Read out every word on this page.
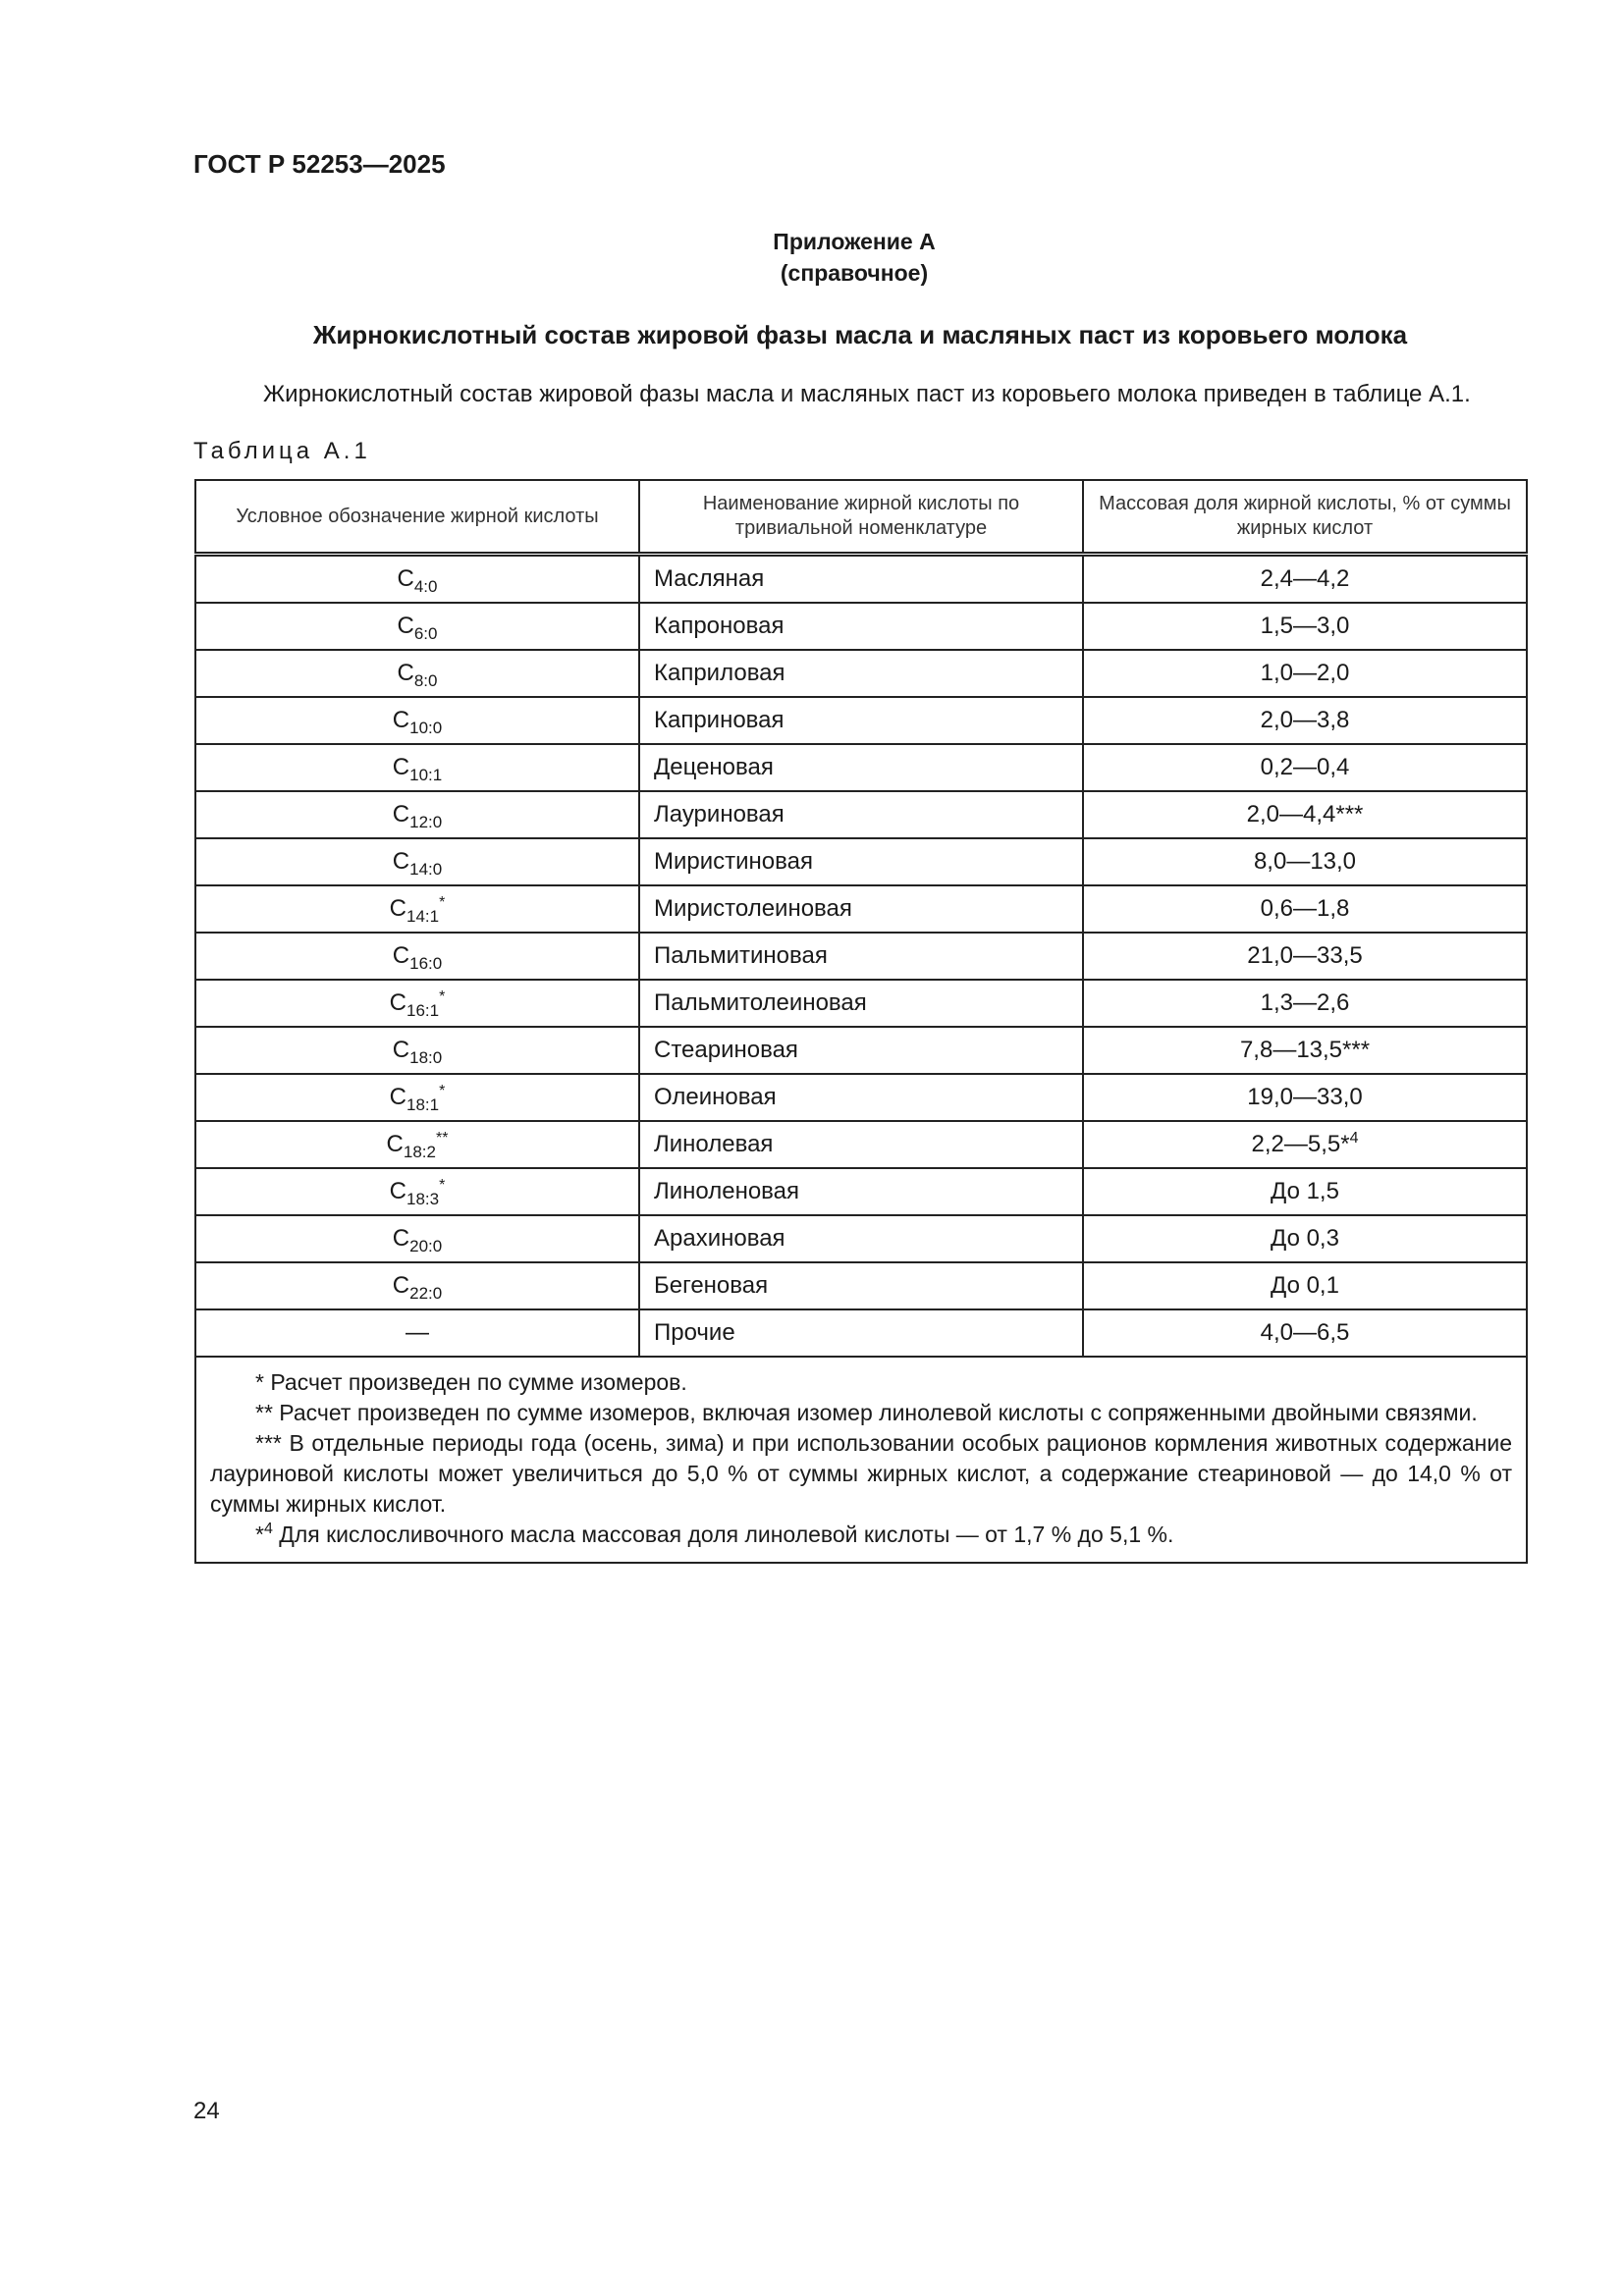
ГОСТ Р 52253—2025

Приложение А
(справочное)
Жирнокислотный состав жировой фазы масла и масляных паст из коровьего молока

Жирнокислотный состав жировой фазы масла и масляных паст из коровьего молока приведен в таблице А.1.

Таблица А.1

Условное обозначение жирной кислоты	Наименование жирной кислоты по тривиальной номенклатуре	Массовая доля жирной кислоты, % от суммы жирных кислот
$C_{4:0}$	Масляная	2,4—4,2
$C_{6:0}$	Капроновая	1,5—3,0
$C_{8:0}$	Каприловая	1,0—2,0
$C_{10:0}$	Каприновая	2,0—3,8
$C_{10:1}$	Деценовая	0,2—0,4
$C_{12:0}$	Лауриновая	2,0—4,4***
$C_{14:0}$	Миристиновая	8,0—13,0
$C_{14:1}^*$	Миристолеиновая	0,6—1,8
$C_{16:0}$	Пальмитиновая	21,0—33,5
$C_{16:1}^*$	Пальмитолеиновая	1,3—2,6
$C_{18:0}$	Стеариновая	7,8—13,5***
$C_{18:1}^*$	Олеиновая	19,0—33,0
$C_{18:2}^{**}$	Линолевая	2,2—5,5*$^4$
$C_{18:3}^*$	Линоленовая	До 1,5
$C_{20:0}$	Арахиновая	До 0,3
$C_{22:0}$	Бегеновая	До 0,1
—	Прочие	4,0—6,5

* Расчет произведен по сумме изомеров.
** Расчет произведен по сумме изомеров, включая изомер линолевой кислоты с сопряженными двойными связями.
*** В отдельные периоды года (осень, зима) и при использовании особых рационов кормления животных содержание лауриновой кислоты может увеличиться до 5,0 % от суммы жирных кислот, а содержание стеариновой — до 14,0 % от суммы жирных кислот.
*$^4$ Для кислосливочного масла массовая доля линолевой кислоты — от 1,7 % до 5,1 %.		

24
